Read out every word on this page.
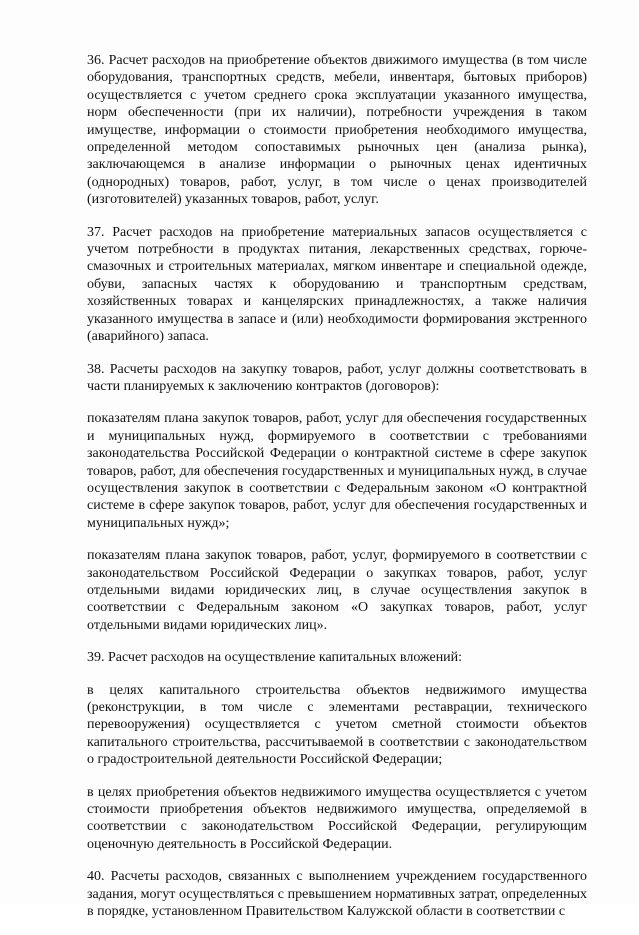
36. Расчет расходов на приобретение объектов движимого имущества (в том числе оборудования, транспортных средств, мебели, инвентаря, бытовых приборов) осуществляется с учетом среднего срока эксплуатации указанного имущества, норм обеспеченности (при их наличии), потребности учреждения в таком имуществе, информации о стоимости приобретения необходимого имущества, определенной методом сопоставимых рыночных цен (анализа рынка), заключающемся в анализе информации о рыночных ценах идентичных (однородных) товаров, работ, услуг, в том числе о ценах производителей (изготовителей) указанных товаров, работ, услуг.

37. Расчет расходов на приобретение материальных запасов осуществляется с учетом потребности в продуктах питания, лекарственных средствах, горюче-смазочных и строительных материалах, мягком инвентаре и специальной одежде, обуви, запасных частях к оборудованию и транспортным средствам, хозяйственных товарах и канцелярских принадлежностях, а также наличия указанного имущества в запасе и (или) необходимости формирования экстренного (аварийного) запаса.

38. Расчеты расходов на закупку товаров, работ, услуг должны соответствовать в части планируемых к заключению контрактов (договоров):

показателям плана закупок товаров, работ, услуг для обеспечения государственных и муниципальных нужд, формируемого в соответствии с требованиями законодательства Российской Федерации о контрактной системе в сфере закупок товаров, работ, для обеспечения государственных и муниципальных нужд, в случае осуществления закупок в соответствии с Федеральным законом «О контрактной системе в сфере закупок товаров, работ, услуг для обеспечения государственных и муниципальных нужд»;

показателям плана закупок товаров, работ, услуг, формируемого в соответствии с законодательством Российской Федерации о закупках товаров, работ, услуг отдельными видами юридических лиц, в случае осуществления закупок в соответствии с Федеральным законом «О закупках товаров, работ, услуг отдельными видами юридических лиц».

39. Расчет расходов на осуществление капитальных вложений:

в целях капитального строительства объектов недвижимого имущества (реконструкции, в том числе с элементами реставрации, технического перевооружения) осуществляется с учетом сметной стоимости объектов капитального строительства, рассчитываемой в соответствии с законодательством о градостроительной деятельности Российской Федерации;

в целях приобретения объектов недвижимого имущества осуществляется с учетом стоимости приобретения объектов недвижимого имущества, определяемой в соответствии с законодательством Российской Федерации, регулирующим оценочную деятельность в Российской Федерации.

40. Расчеты расходов, связанных с выполнением учреждением государственного задания, могут осуществляться с превышением нормативных затрат, определенных в порядке, установленном Правительством Калужской области в соответствии с
